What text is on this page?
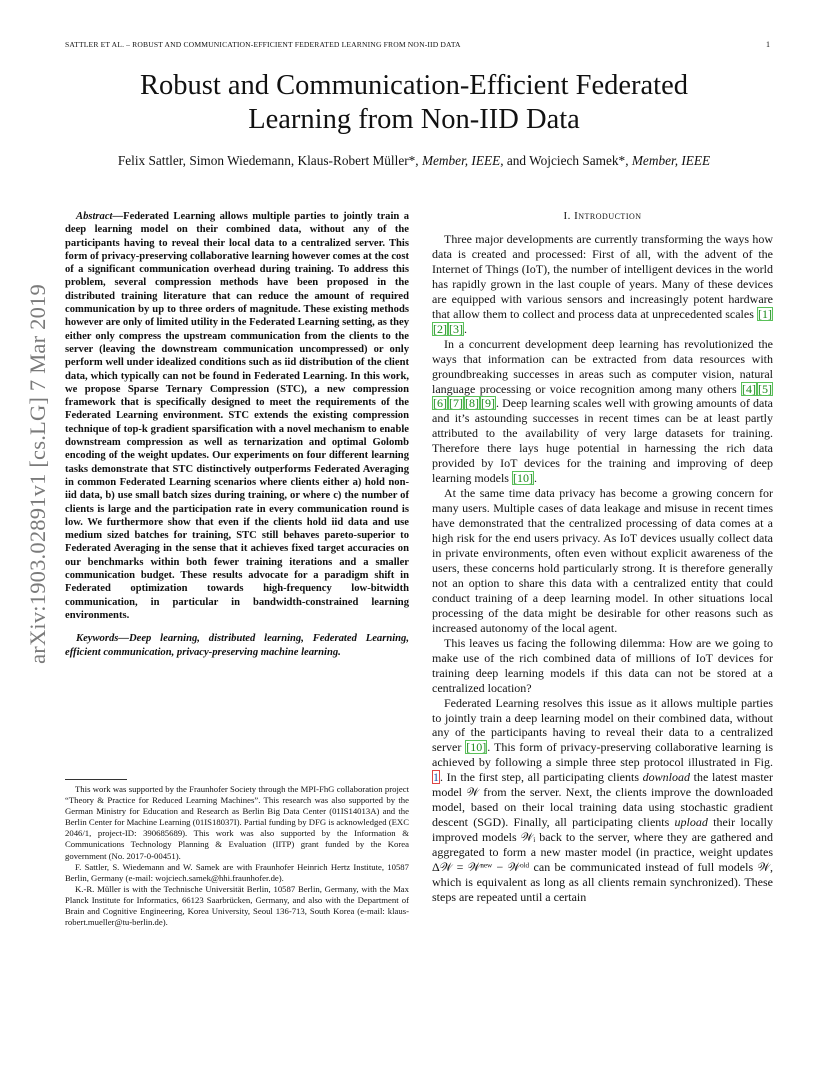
SATTLER ET AL. – ROBUST AND COMMUNICATION-EFFICIENT FEDERATED LEARNING FROM NON-IID DATA	1
Robust and Communication-Efficient Federated
Learning from Non-IID Data
Felix Sattler, Simon Wiedemann, Klaus-Robert Müller*, Member, IEEE, and Wojciech Samek*, Member, IEEE
arXiv:1903.02891v1 [cs.LG] 7 Mar 2019

Abstract—Federated Learning allows multiple parties to jointly train a deep learning model on their combined data, without any of the participants having to reveal their local data to a centralized server. This form of privacy-preserving collaborative learning however comes at the cost of a significant communication overhead during training. To address this problem, several compression methods have been proposed in the distributed training literature that can reduce the amount of required communication by up to three orders of magnitude. These existing methods however are only of limited utility in the Federated Learning setting, as they either only compress the upstream communication from the clients to the server (leaving the downstream communication uncompressed) or only perform well under idealized conditions such as iid distribution of the client data, which typically can not be found in Federated Learning. In this work, we propose Sparse Ternary Compression (STC), a new compression framework that is specifically designed to meet the requirements of the Federated Learning environment. STC extends the existing compression technique of top-k gradient sparsification with a novel mechanism to enable downstream compression as well as ternarization and optimal Golomb encoding of the weight updates. Our experiments on four different learning tasks demonstrate that STC distinctively outperforms Federated Averaging in common Federated Learning scenarios where clients either a) hold non-iid data, b) use small batch sizes during training, or where c) the number of clients is large and the participation rate in every communication round is low. We furthermore show that even if the clients hold iid data and use medium sized batches for training, STC still behaves pareto-superior to Federated Averaging in the sense that it achieves fixed target accuracies on our benchmarks within both fewer training iterations and a smaller communication budget. These results advocate for a paradigm shift in Federated optimization towards high-frequency low-bitwidth communication, in particular in bandwidth-constrained learning environments.

Keywords—Deep learning, distributed learning, Federated Learning, efficient communication, privacy-preserving machine learning.

This work was supported by the Fraunhofer Society through the MPI-FhG collaboration project “Theory & Practice for Reduced Learning Machines”. This research was also supported by the German Ministry for Education and Research as Berlin Big Data Center (01IS14013A) and the Berlin Center for Machine Learning (01IS18037I). Partial funding by DFG is acknowledged (EXC 2046/1, project-ID: 390685689). This work was also supported by the Information & Communications Technology Planning & Evaluation (IITP) grant funded by the Korea government (No. 2017-0-00451).

F. Sattler, S. Wiedemann and W. Samek are with Fraunhofer Heinrich Hertz Institute, 10587 Berlin, Germany (e-mail: wojciech.samek@hhi.fraunhofer.de).

K.-R. Müller is with the Technische Universität Berlin, 10587 Berlin, Germany, with the Max Planck Institute for Informatics, 66123 Saarbrücken, Germany, and also with the Department of Brain and Cognitive Engineering, Korea University, Seoul 136-713, South Korea (e-mail: klaus-robert.mueller@tu-berlin.de).

I. Introduction

Three major developments are currently transforming the ways how data is created and processed: First of all, with the advent of the Internet of Things (IoT), the number of intelligent devices in the world has rapidly grown in the last couple of years. Many of these devices are equipped with various sensors and increasingly potent hardware that allow them to collect and process data at unprecedented scales [1][2] [3].

In a concurrent development deep learning has revolutionized the ways that information can be extracted from data resources with groundbreaking successes in areas such as computer vision, natural language processing or voice recognition among many others [4] [5][6] [7] [8] [9]. Deep learning scales well with growing amounts of data and it’s astounding successes in recent times can be at least partly attributed to the availability of very large datasets for training. Therefore there lays huge potential in harnessing the rich data provided by IoT devices for the training and improving of deep learning models [10].

At the same time data privacy has become a growing concern for many users. Multiple cases of data leakage and misuse in recent times have demonstrated that the centralized processing of data comes at a high risk for the end users privacy. As IoT devices usually collect data in private environments, often even without explicit awareness of the users, these concerns hold particularly strong. It is therefore generally not an option to share this data with a centralized entity that could conduct training of a deep learning model. In other situations local processing of the data might be desirable for other reasons such as increased autonomy of the local agent.

This leaves us facing the following dilemma: How are we going to make use of the rich combined data of millions of IoT devices for training deep learning models if this data can not be stored at a centralized location?

Federated Learning resolves this issue as it allows multiple parties to jointly train a deep learning model on their combined data, without any of the participants having to reveal their data to a centralized server [10]. This form of privacy-preserving collaborative learning is achieved by following a simple three step protocol illustrated in Fig. 1. In the first step, all participating clients download the latest master model 𝒲 from the server. Next, the clients improve the downloaded model, based on their local training data using stochastic gradient descent (SGD). Finally, all participating clients upload their locally improved models 𝒲ᵢ back to the server, where they are gathered and aggregated to form a new master model (in practice, weight updates Δ𝒲 = 𝒲ⁿᵉʷ − 𝒲ᵒˡᵈ can be communicated instead of full models 𝒲, which is equivalent as long as all clients remain synchronized). These steps are repeated until a certain
